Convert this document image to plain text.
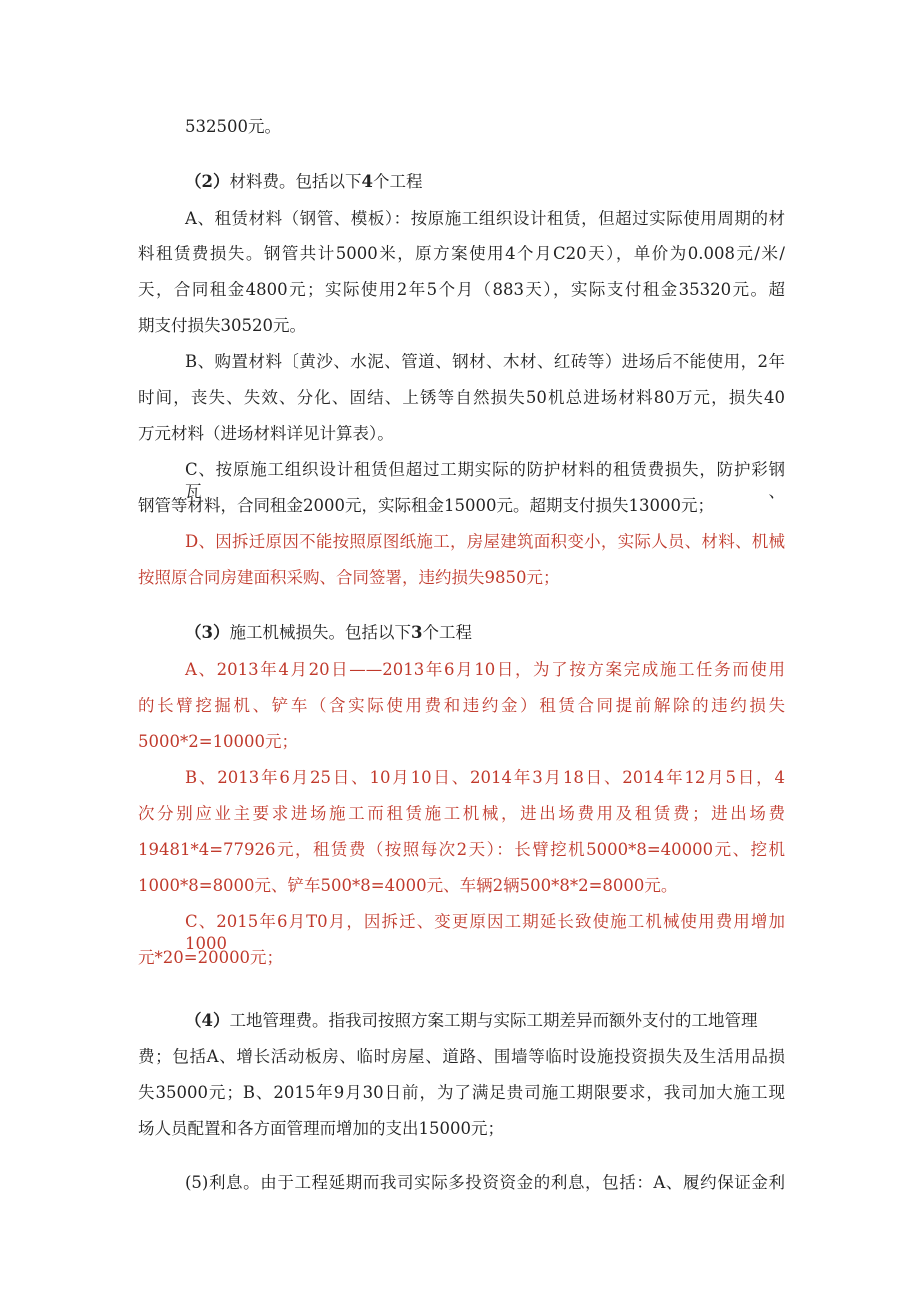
532500元。
（2）材料费。包括以下4个工程
A、租赁材料（钢管、模板）：按原施工组织设计租赁，但超过实际使用周期的材
料租赁费损失。钢管共计5000米，原方案使用4个月C20天），单价为0.008元/米/
天，合同租金4800元；实际使用2年5个月（883天），实际支付租金35320元。超
期支付损失30520元。
B、购置材料〔黄沙、水泥、管道、钢材、木材、红砖等）进场后不能使用，2年
时间，丧失、失效、分化、固结、上锈等自然损失50机总进场材料80万元，损失40
万元材料（进场材料详见计算表）。
C、按原施工组织设计租赁但超过工期实际的防护材料的租赁费损失，防护彩钢瓦、
钢管等材料，合同租金2000元，实际租金15000元。超期支付损失13000元；
D、因拆迁原因不能按照原图纸施工，房屋建筑面积变小，实际人员、材料、机械
按照原合同房建面积采购、合同签署，违约损失9850元；
（3）施工机械损失。包括以下3个工程
A、2013年4月20日——2013年6月10日，为了按方案完成施工任务而使用
的长臂挖掘机、铲车（含实际使用费和违约金）租赁合同提前解除的违约损失
5000*2=10000元；
B、2013年6月25日、10月10日、2014年3月18日、2014年12月5日，4
次分别应业主要求进场施工而租赁施工机械，进出场费用及租赁费；进出场费
19481*4=77926元，租赁费（按照每次2天）：长臂挖机5000*8=40000元、挖机
1000*8=8000元、铲车500*8=4000元、车辆2辆500*8*2=8000元。
C、2015年6月T0月，因拆迁、变更原因工期延长致使施工机械使用费用增加1000
元*20=20000元；
（4）工地管理费。指我司按照方案工期与实际工期差异而额外支付的工地管理
费；包括A、增长活动板房、临时房屋、道路、围墙等临时设施投资损失及生活用品损
失35000元；B、2015年9月30日前，为了满足贵司施工期限要求，我司加大施工现
场人员配置和各方面管理而增加的支出15000元；
(5)利息。由于工程延期而我司实际多投资资金的利息，包括：A、履约保证金利
